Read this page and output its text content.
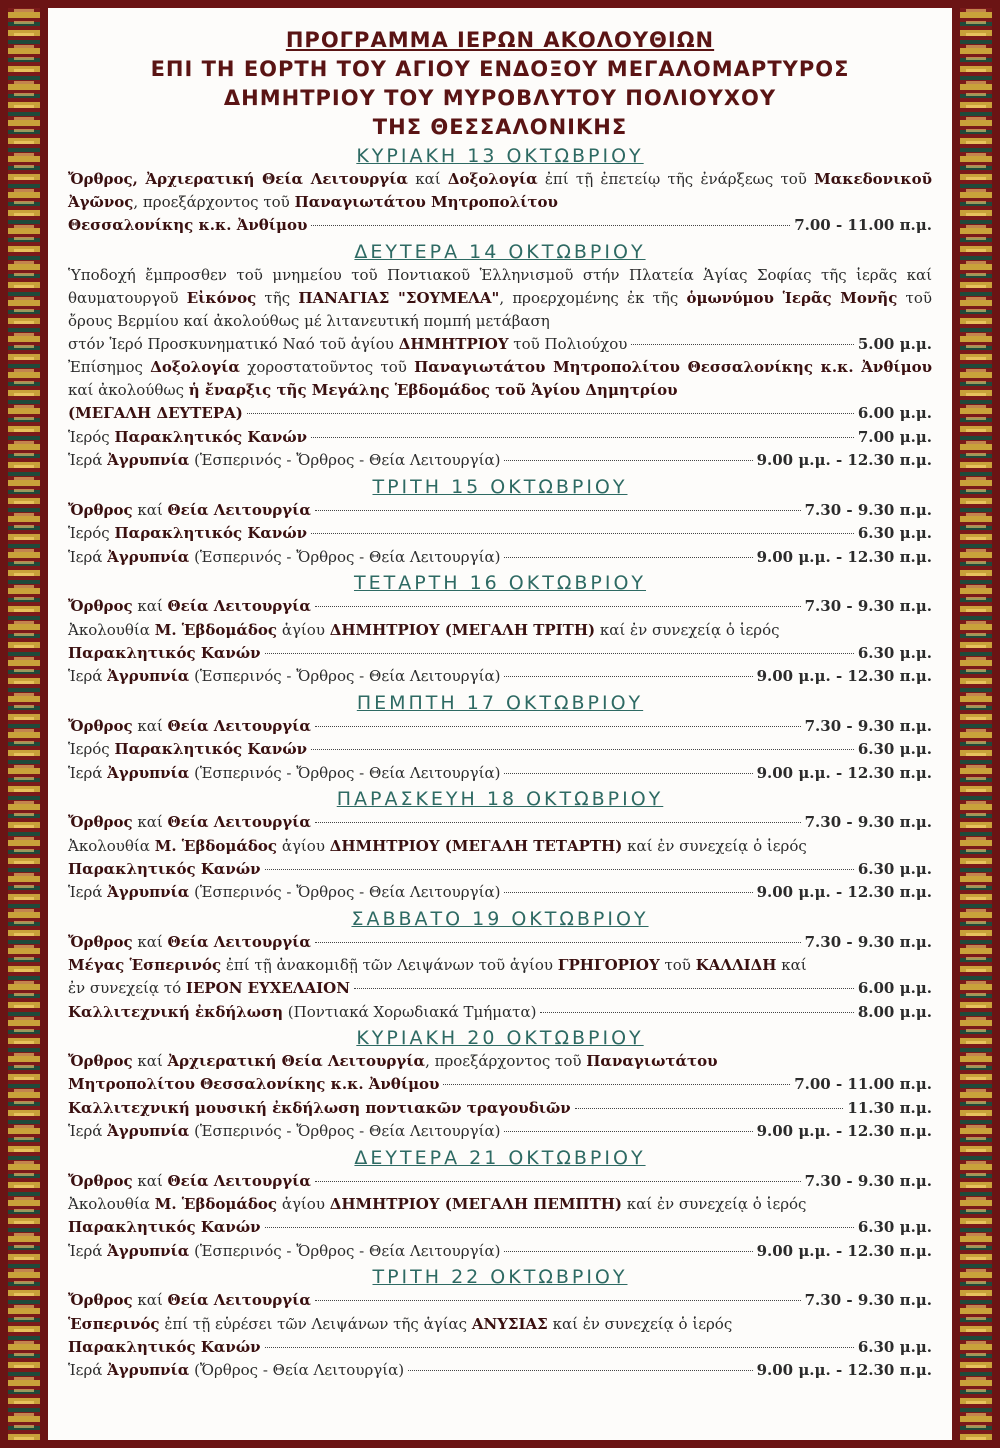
ΠΡΟΓΡΑΜΜΑ ΙΕΡΩΝ ΑΚΟΛΟΥΘΙΩΝ
ΕΠΙ ΤΗ ΕΟΡΤΗ ΤΟΥ ΑΓΙΟΥ ΕΝΔΟΞΟΥ ΜΕΓΑΛΟΜΑΡΤΥΡΟΣ
ΔΗΜΗΤΡΙΟΥ ΤΟΥ ΜΥΡΟΒΛΥΤΟΥ ΠΟΛΙΟΥΧΟΥ
ΤΗΣ ΘΕΣΣΑΛΟΝΙΚΗΣ
ΚΥΡΙΑΚΗ 13 ΟΚΤΩΒΡΙΟΥ
Ὄρθρος, Ἀρχιερατική Θεία Λειτουργία καί Δοξολογία ἐπί τῇ ἐπετείῳ τῆς ἐνάρξεως τοῦ Μακεδονικοῦ Ἀγῶνος, προεξάρχοντος τοῦ Παναγιωτάτου Μητροπολίτου
Θεσσαλονίκης κ.κ. Ἀνθίμου	7.00 - 11.00 π.μ.
ΔΕΥΤΕΡΑ 14 ΟΚΤΩΒΡΙΟΥ
Ὑποδοχή ἔμπροσθεν τοῦ μνημείου τοῦ Ποντιακοῦ Ἑλληνισμοῦ στήν Πλατεία Ἁγίας Σοφίας τῆς ἱερᾶς καί θαυματουργοῦ Εἰκόνος τῆς ΠΑΝΑΓΙΑΣ "ΣΟΥΜΕΛΑ", προερχομένης ἐκ τῆς ὁμωνύμου Ἱερᾶς Μονῆς τοῦ ὄρους Βερμίου καί ἀκολούθως μέ λιτανευτική πομπή μετάβαση
στόν Ἱερό Προσκυνηματικό Ναό τοῦ ἁγίου ΔΗΜΗΤΡΙΟΥ τοῦ Πολιούχου	5.00 μ.μ.
Ἐπίσημος Δοξολογία χοροστατοῦντος τοῦ Παναγιωτάτου Μητροπολίτου Θεσσαλονίκης κ.κ. Ἀνθίμου καί ἀκολούθως ἡ ἔναρξις τῆς Μεγάλης Ἑβδομάδος τοῦ Ἁγίου Δημητρίου
(ΜΕΓΑΛΗ ΔΕΥΤΕΡΑ)	6.00 μ.μ.
Ἱερός Παρακλητικός Κανών	7.00 μ.μ.
Ἱερά Ἀγρυπνία (Ἑσπερινός - Ὄρθρος - Θεία Λειτουργία)	9.00 μ.μ. - 12.30 π.μ.
ΤΡΙΤΗ 15 ΟΚΤΩΒΡΙΟΥ
Ὄρθρος καί Θεία Λειτουργία	7.30 - 9.30 π.μ.
Ἱερός Παρακλητικός Κανών	6.30 μ.μ.
Ἱερά Ἀγρυπνία (Ἑσπερινός - Ὄρθρος - Θεία Λειτουργία)	9.00 μ.μ. - 12.30 π.μ.
ΤΕΤΑΡΤΗ 16 ΟΚΤΩΒΡΙΟΥ
Ὄρθρος καί Θεία Λειτουργία	7.30 - 9.30 π.μ.
Ἀκολουθία Μ. Ἑβδομάδος ἁγίου ΔΗΜΗΤΡΙΟΥ (ΜΕΓΑΛΗ ΤΡΙΤΗ) καί ἐν συνεχείᾳ ὁ ἱερός
Παρακλητικός Κανών	6.30 μ.μ.
Ἱερά Ἀγρυπνία (Ἑσπερινός - Ὄρθρος - Θεία Λειτουργία)	9.00 μ.μ. - 12.30 π.μ.
ΠΕΜΠΤΗ 17 ΟΚΤΩΒΡΙΟΥ
Ὄρθρος καί Θεία Λειτουργία	7.30 - 9.30 π.μ.
Ἱερός Παρακλητικός Κανών	6.30 μ.μ.
Ἱερά Ἀγρυπνία (Ἑσπερινός - Ὄρθρος - Θεία Λειτουργία)	9.00 μ.μ. - 12.30 π.μ.
ΠΑΡΑΣΚΕΥΗ 18 ΟΚΤΩΒΡΙΟΥ
Ὄρθρος καί Θεία Λειτουργία	7.30 - 9.30 π.μ.
Ἀκολουθία Μ. Ἑβδομάδος ἁγίου ΔΗΜΗΤΡΙΟΥ (ΜΕΓΑΛΗ ΤΕΤΑΡΤΗ) καί ἐν συνεχείᾳ ὁ ἱερός
Παρακλητικός Κανών	6.30 μ.μ.
Ἱερά Ἀγρυπνία (Ἑσπερινός - Ὄρθρος - Θεία Λειτουργία)	9.00 μ.μ. - 12.30 π.μ.
ΣΑΒΒΑΤΟ 19 ΟΚΤΩΒΡΙΟΥ
Ὄρθρος καί Θεία Λειτουργία	7.30 - 9.30 π.μ.
Μέγας Ἑσπερινός ἐπί τῇ ἀνακομιδῇ τῶν Λειψάνων τοῦ ἁγίου ΓΡΗΓΟΡΙΟΥ τοῦ ΚΑΛΛΙΔΗ καί
ἐν συνεχείᾳ τό ΙΕΡΟΝ ΕΥΧΕΛΑΙΟΝ	6.00 μ.μ.
Καλλιτεχνική ἐκδήλωση (Ποντιακά Χορωδιακά Τμήματα)	8.00 μ.μ.
ΚΥΡΙΑΚΗ 20 ΟΚΤΩΒΡΙΟΥ
Ὄρθρος καί Ἀρχιερατική Θεία Λειτουργία, προεξάρχοντος τοῦ Παναγιωτάτου
Μητροπολίτου Θεσσαλονίκης κ.κ. Ἀνθίμου	7.00 - 11.00 π.μ.
Καλλιτεχνική μουσική ἐκδήλωση ποντιακῶν τραγουδιῶν	11.30 π.μ.
Ἱερά Ἀγρυπνία (Ἑσπερινός - Ὄρθρος - Θεία Λειτουργία)	9.00 μ.μ. - 12.30 π.μ.
ΔΕΥΤΕΡΑ 21 ΟΚΤΩΒΡΙΟΥ
Ὄρθρος καί Θεία Λειτουργία	7.30 - 9.30 π.μ.
Ἀκολουθία Μ. Ἑβδομάδος ἁγίου ΔΗΜΗΤΡΙΟΥ (ΜΕΓΑΛΗ ΠΕΜΠΤΗ) καί ἐν συνεχείᾳ ὁ ἱερός
Παρακλητικός Κανών	6.30 μ.μ.
Ἱερά Ἀγρυπνία (Ἑσπερινός - Ὄρθρος - Θεία Λειτουργία)	9.00 μ.μ. - 12.30 π.μ.
ΤΡΙΤΗ 22 ΟΚΤΩΒΡΙΟΥ
Ὄρθρος καί Θεία Λειτουργία	7.30 - 9.30 π.μ.
Ἑσπερινός ἐπί τῇ εὑρέσει τῶν Λειψάνων τῆς ἁγίας ΑΝΥΣΙΑΣ καί ἐν συνεχείᾳ ὁ ἱερός
Παρακλητικός Κανών	6.30 μ.μ.
Ἱερά Ἀγρυπνία (Ὄρθρος - Θεία Λειτουργία)	9.00 μ.μ. - 12.30 π.μ.
